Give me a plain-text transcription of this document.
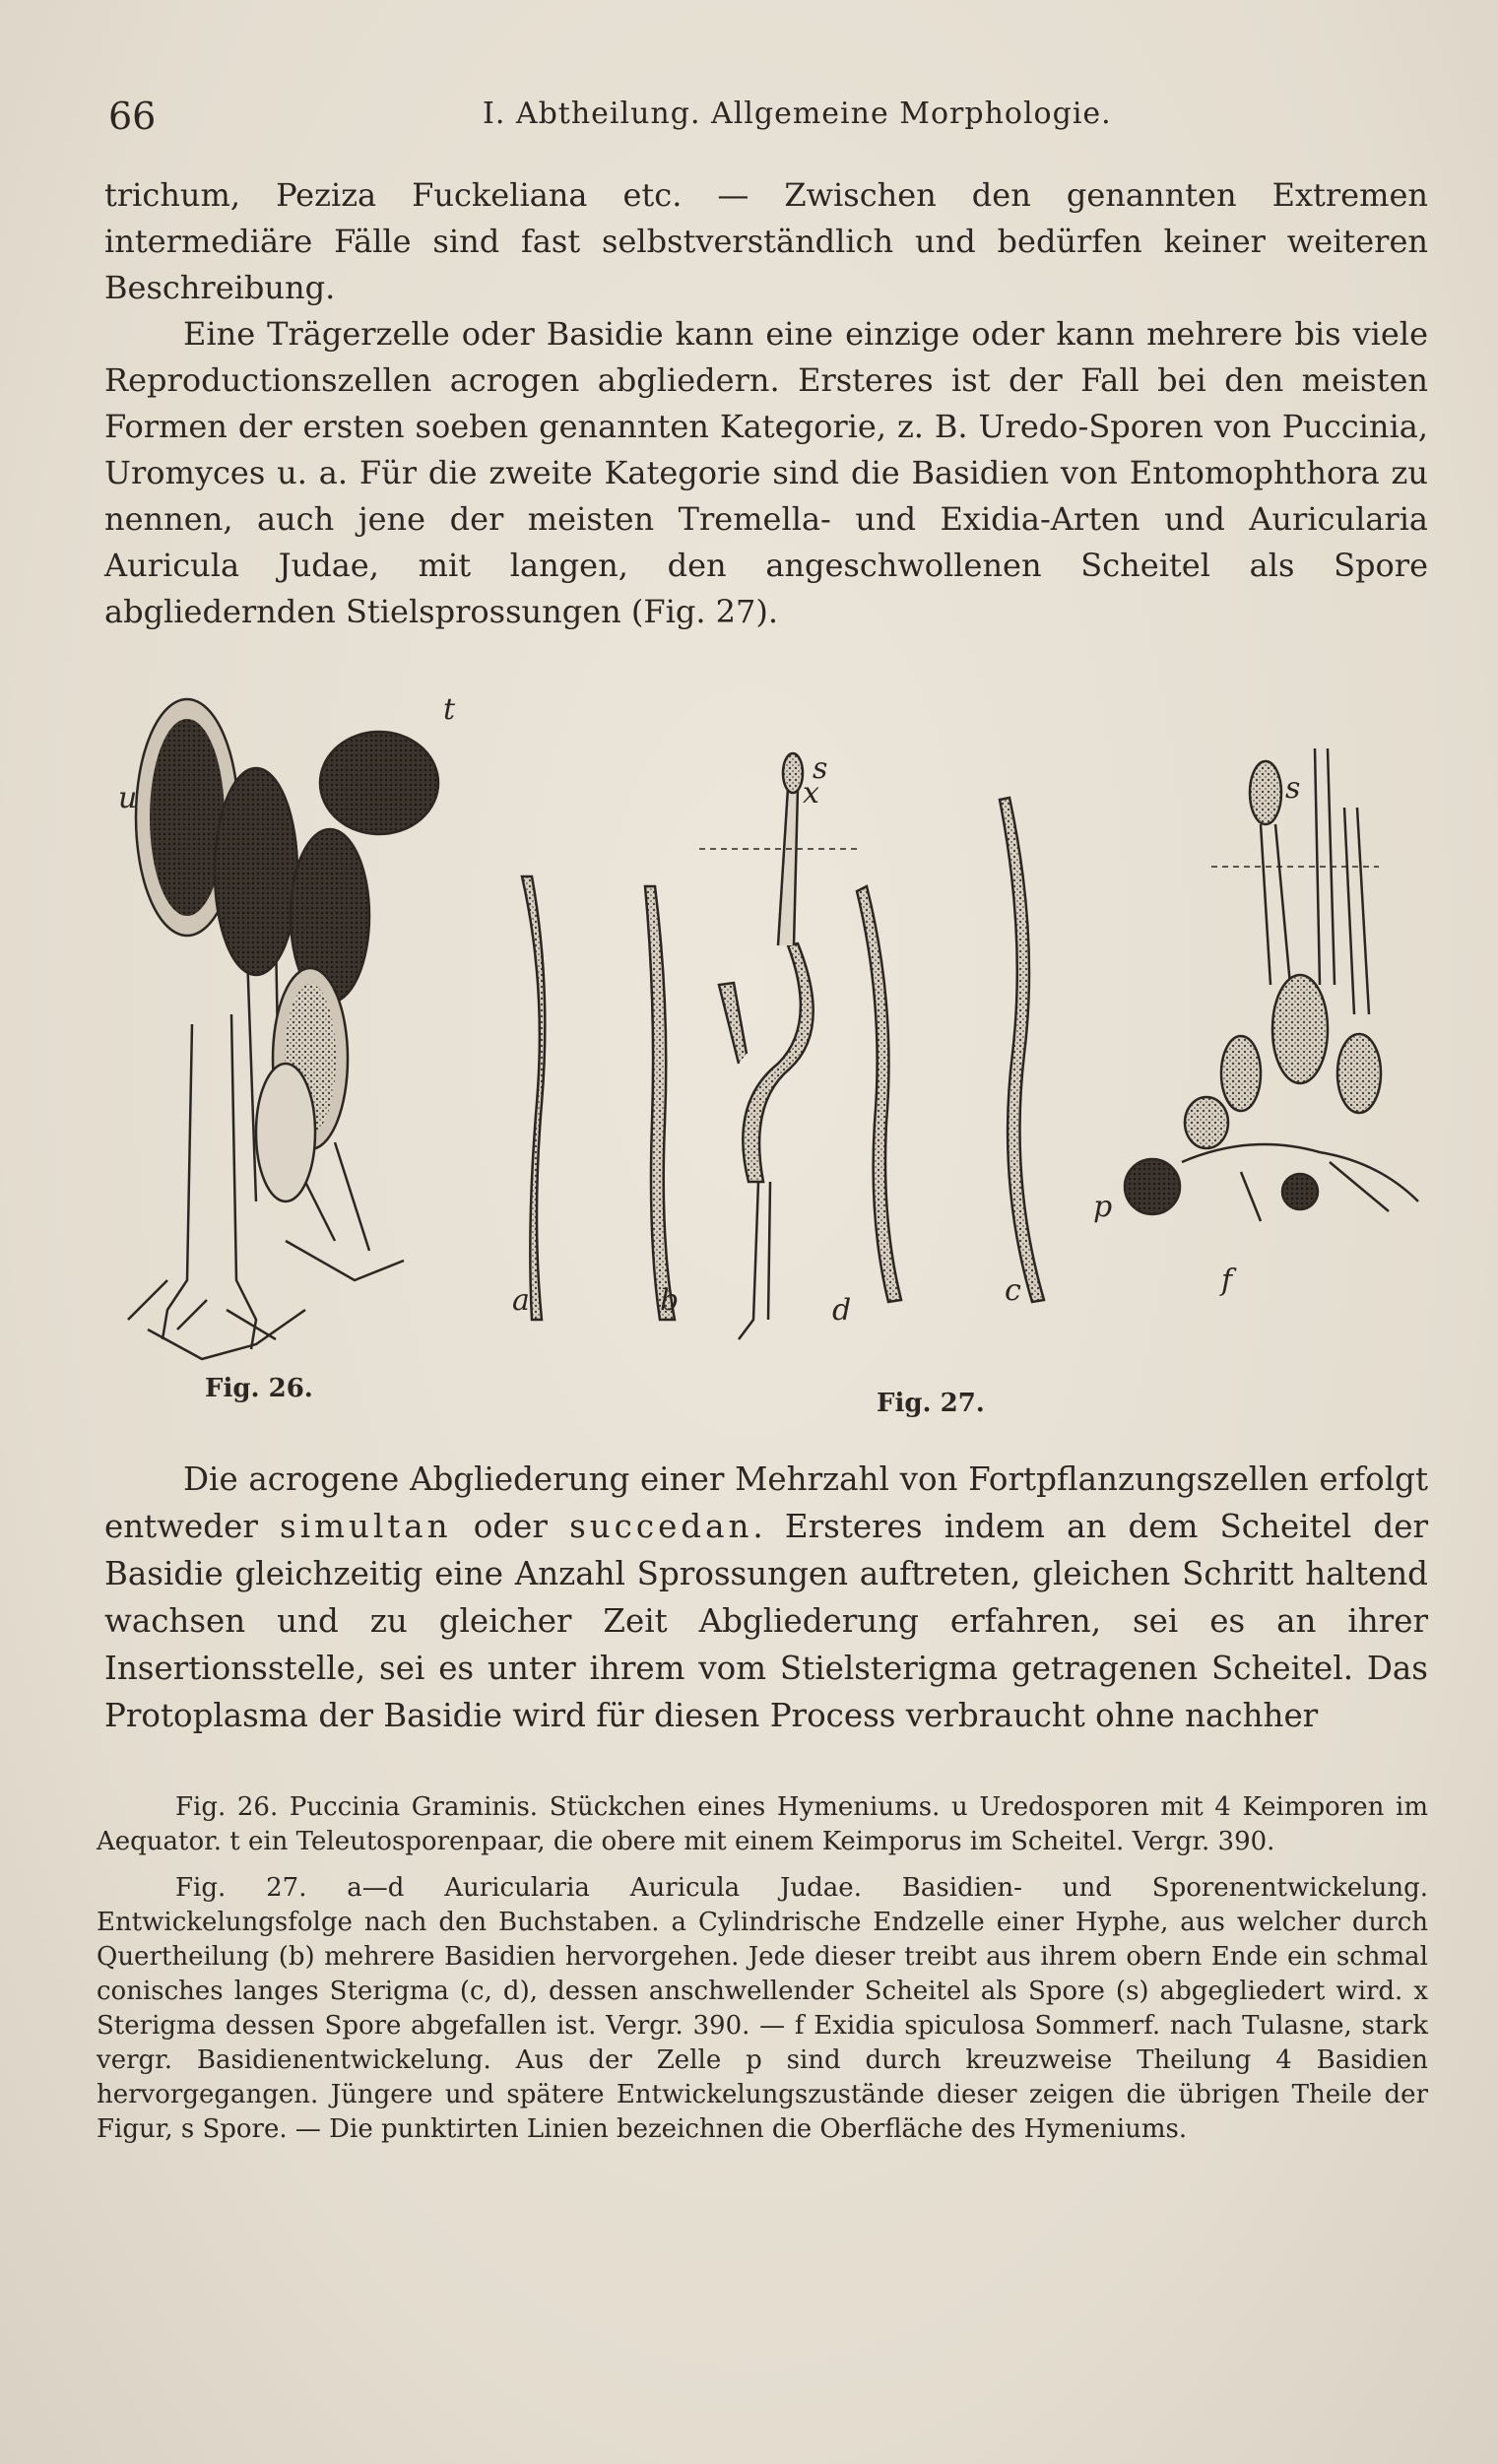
66	I. Abtheilung. Allgemeine Morphologie.

trichum, Peziza Fuckeliana etc. — Zwischen den genannten Extremen intermediäre Fälle sind fast selbstverständlich und bedürfen keiner weiteren Beschreibung.

Eine Trägerzelle oder Basidie kann eine einzige oder kann mehrere bis viele Reproductionszellen acrogen abgliedern. Ersteres ist der Fall bei den meisten Formen der ersten soeben genannten Kategorie, z. B. Uredo-Sporen von Puccinia, Uromyces u. a. Für die zweite Kategorie sind die Basidien von Entomophthora zu nennen, auch jene der meisten Tremella- und Exidia-Arten und Auricularia Auricula Judae, mit langen, den angeschwollenen Scheitel als Spore abgliedernden Stielsprossungen (Fig. 27).

u
t
s
x
a	b	d
c
p
f
s
Fig. 26.	Fig. 27.

Die acrogene Abgliederung einer Mehrzahl von Fortpflanzungszellen erfolgt entweder simultan oder succedan. Ersteres indem an dem Scheitel der Basidie gleichzeitig eine Anzahl Sprossungen auftreten, gleichen Schritt haltend wachsen und zu gleicher Zeit Abgliederung erfahren, sei es an ihrer Insertionsstelle, sei es unter ihrem vom Stielsterigma getragenen Scheitel. Das Protoplasma der Basidie wird für diesen Process verbraucht ohne nachher

Fig. 26. Puccinia Graminis. Stückchen eines Hymeniums. u Uredosporen mit 4 Keimporen im Aequator. t ein Teleutosporenpaar, die obere mit einem Keimporus im Scheitel. Vergr. 390.

Fig. 27. a—d Auricularia Auricula Judae. Basidien- und Sporenentwickelung. Entwickelungsfolge nach den Buchstaben. a Cylindrische Endzelle einer Hyphe, aus welcher durch Quertheilung (b) mehrere Basidien hervorgehen. Jede dieser treibt aus ihrem obern Ende ein schmal conisches langes Sterigma (c, d), dessen anschwellender Scheitel als Spore (s) abgegliedert wird. x Sterigma dessen Spore abgefallen ist. Vergr. 390. — f Exidia spiculosa Sommerf. nach Tulasne, stark vergr. Basidienentwickelung. Aus der Zelle p sind durch kreuzweise Theilung 4 Basidien hervorgegangen. Jüngere und spätere Entwickelungszustände dieser zeigen die übrigen Theile der Figur, s Spore. — Die punktirten Linien bezeichnen die Oberfläche des Hymeniums.
